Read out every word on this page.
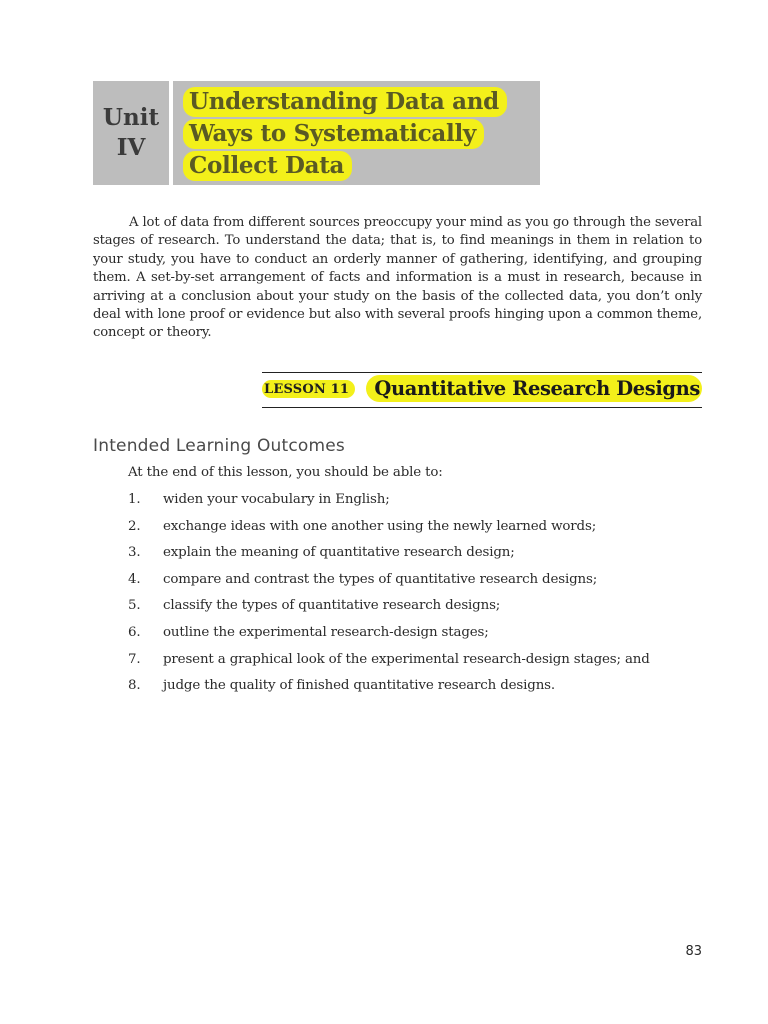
Unit
IV
Understanding Data and
Ways to Systematically
Collect Data

A lot of data from different sources preoccupy your mind as you go through the several stages of research. To understand the data; that is, to find meanings in them in relation to your study, you have to conduct an orderly manner of gathering, identifying, and grouping them. A set-by-set arrangement of facts and information is a must in research, because in arriving at a conclusion about your study on the basis of the collected data, you don’t only deal with lone proof or evidence but also with several proofs hinging upon a common theme, concept or theory.

LESSON 11	Quantitative Research Designs
Intended Learning Outcomes

At the end of this lesson, you should be able to:

1.	widen your vocabulary in English;
2.	exchange ideas with one another using the newly learned words;
3.	explain the meaning of quantitative research design;
4.	compare and contrast the types of quantitative research designs;
5.	classify the types of quantitative research designs;
6.	outline the experimental research-design stages;
7.	present a graphical look of the experimental research-design stages; and
8.	judge the quality of finished quantitative research designs.
83
